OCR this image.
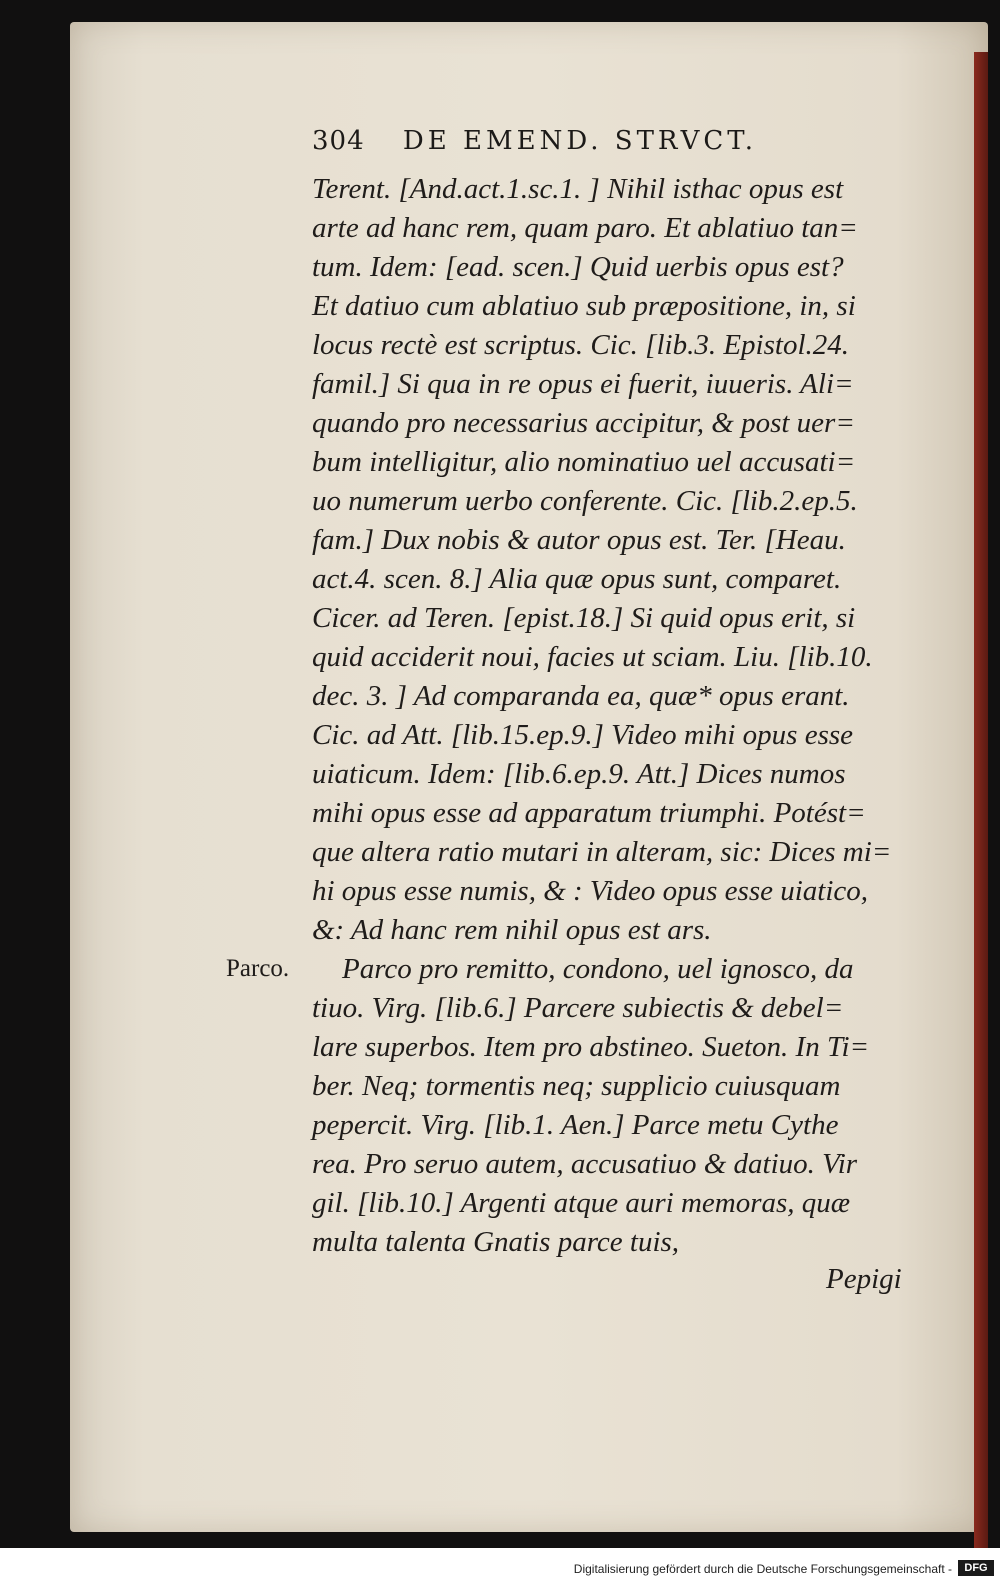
304 DE EMEND. STRVCT.
Terent. [And.act.1.sc.1. ] Nihil isthac opus est
arte ad hanc rem, quam paro. Et ablatiuo tan=
tum. Idem: [ead. scen.] Quid uerbis opus est?
Et datiuo cum ablatiuo sub præpositione, in, si
locus rectè est scriptus. Cic. [lib.3. Epistol.24.
famil.] Si qua in re opus ei fuerit, iuueris. Ali=
quando pro necessarius accipitur, & post uer=
bum intelligitur, alio nominatiuo uel accusati=
uo numerum uerbo conferente. Cic. [lib.2.ep.5.
fam.] Dux nobis & autor opus est. Ter. [Heau.
act.4. scen. 8.] Alia quæ opus sunt, comparet.
Cicer. ad Teren. [epist.18.] Si quid opus erit, si
quid acciderit noui, facies ut sciam. Liu. [lib.10.
dec. 3. ] Ad comparanda ea, quæ* opus erant.
Cic. ad Att. [lib.15.ep.9.] Video mihi opus esse
uiaticum. Idem: [lib.6.ep.9. Att.] Dices numos
mihi opus esse ad apparatum triumphi. Potést=
que altera ratio mutari in alteram, sic: Dices mi=
hi opus esse numis, & : Video opus esse uiatico,
&: Ad hanc rem nihil opus est ars.
Parco pro remitto, condono, uel ignosco, da
tiuo. Virg. [lib.6.] Parcere subiectis & debel=
lare superbos. Item pro abstineo. Sueton. In Ti=
ber. Neq; tormentis neq; supplicio cuiusquam
pepercit. Virg. [lib.1. Aen.] Parce metu Cythe
rea. Pro seruo autem, accusatiuo & datiuo. Vir
gil. [lib.10.] Argenti atque auri memoras, quæ
multa talenta Gnatis parce tuis,
Parco.
Pepigi
Digitalisierung gefördert durch die Deutsche Forschungsgemeinschaft -	DFG
